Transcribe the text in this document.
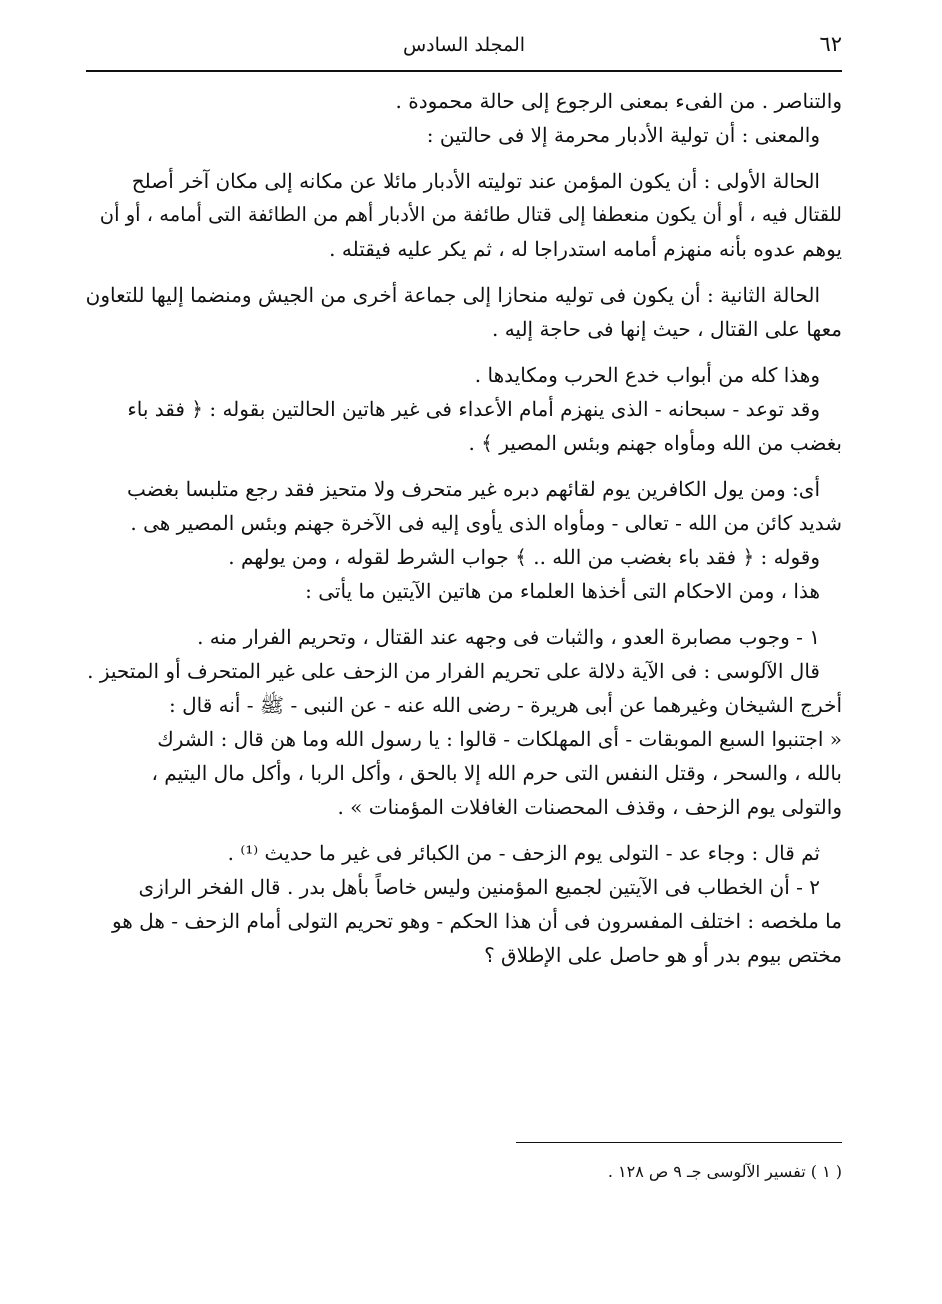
المجلد السادس	٦٢
والتناصر . من الفىء بمعنى الرجوع إلى حالة محمودة .
والمعنى : أن تولية الأدبار محرمة إلا فى حالتين :
الحالة الأولى : أن يكون المؤمن عند توليته الأدبار مائلا عن مكانه إلى مكان آخر أصلح
للقتال فيه ، أو أن يكون منعطفا إلى قتال طائفة من الأدبار أهم من الطائفة التى أمامه ، أو أن
يوهم عدوه بأنه منهزم أمامه استدراجا له ، ثم يكر عليه فيقتله .
الحالة الثانية : أن يكون فى توليه منحازا إلى جماعة أخرى من الجيش ومنضما إليها للتعاون
معها على القتال ، حيث إنها فى حاجة إليه .
وهذا كله من أبواب خدع الحرب ومكايدها .
وقد توعد - سبحانه - الذى ينهزم أمام الأعداء فى غير هاتين الحالتين بقوله : ﴿ فقد باء
بغضب من الله ومأواه جهنم وبئس المصير ﴾ .
أى: ومن يول الكافرين يوم لقائهم دبره غير متحرف ولا متحيز فقد رجع متلبسا بغضب
شديد كائن من الله - تعالى - ومأواه الذى يأوى إليه فى الآخرة جهنم وبئس المصير هى .
وقوله : ﴿ فقد باء بغضب من الله .. ﴾ جواب الشرط لقوله ، ومن يولهم .
هذا ، ومن الاحكام التى أخذها العلماء من هاتين الآيتين ما يأتى :
١ - وجوب مصابرة العدو ، والثبات فى وجهه عند القتال ، وتحريم الفرار منه .
قال الآلوسى : فى الآية دلالة على تحريم الفرار من الزحف على غير المتحرف أو المتحيز .
أخرج الشيخان وغيرهما عن أبى هريرة - رضى الله عنه - عن النبى - ﷺ - أنه قال :
« اجتنبوا السبع الموبقات - أى المهلكات - قالوا : يا رسول الله وما هن قال : الشرك
بالله ، والسحر ، وقتل النفس التى حرم الله إلا بالحق ، وأكل الربا ، وأكل مال اليتيم ،
والتولى يوم الزحف ، وقذف المحصنات الغافلات المؤمنات » .
ثم قال : وجاء عد - التولى يوم الزحف - من الكبائر فى غير ما حديث ⁽¹⁾ .
٢ - أن الخطاب فى الآيتين لجميع المؤمنين وليس خاصاً بأهل بدر . قال الفخر الرازى
ما ملخصه : اختلف المفسرون فى أن هذا الحكم - وهو تحريم التولى أمام الزحف - هل هو
مختص بيوم بدر أو هو حاصل على الإطلاق ؟
( ١ ) تفسير الآلوسى جـ ٩ ص ١٢٨ .
